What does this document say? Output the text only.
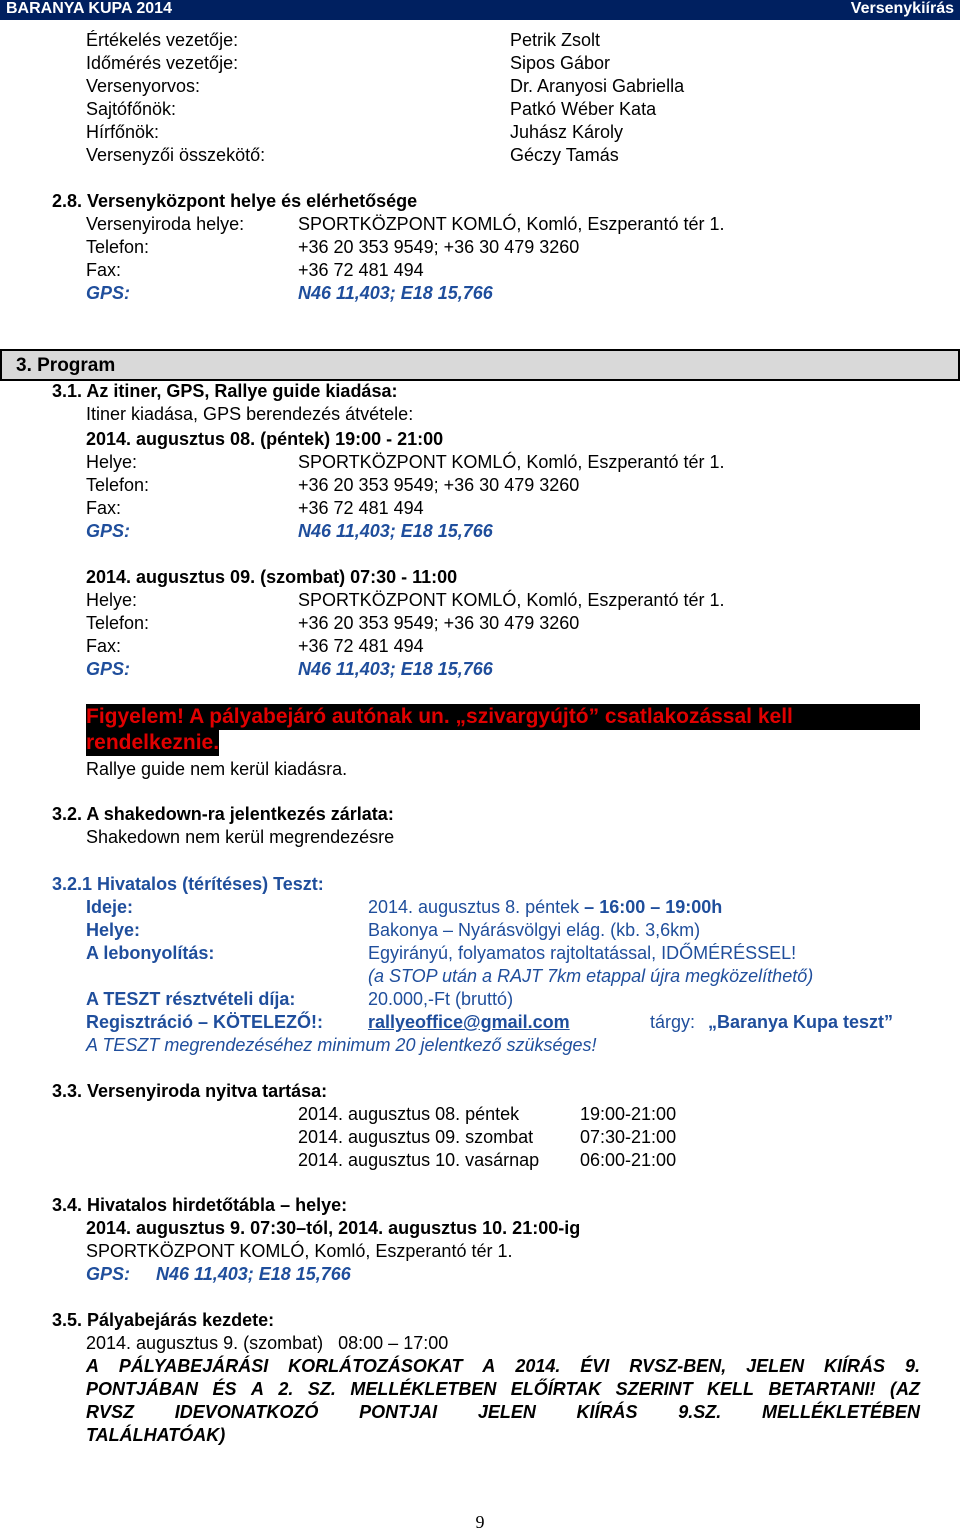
BARANYA KUPA 2014	Versenykiírás
Értékelés vezetője:	Petrik Zsolt
Időmérés vezetője:	Sipos Gábor
Versenyorvos:	Dr. Aranyosi Gabriella
Sajtófőnök:	Patkó Wéber Kata
Hírfőnök:	Juhász Károly
Versenyzői összekötő:	Géczy Tamás
2.8. Versenyközpont helye és elérhetősége
Versenyiroda helye:	SPORTKÖZPONT KOMLÓ, Komló, Eszperantó tér 1.
Telefon:	+36 20 353 9549; +36 30 479 3260
Fax:	+36 72 481 494
GPS:	N46 11,403; E18 15,766
3. Program
3.1. Az itiner, GPS, Rallye guide kiadása:
Itiner kiadása, GPS berendezés átvétele:
2014. augusztus 08. (péntek) 19:00 - 21:00
Helye:	SPORTKÖZPONT KOMLÓ, Komló, Eszperantó tér 1.
Telefon:	+36 20 353 9549; +36 30 479 3260
Fax:	+36 72 481 494
GPS:	N46 11,403; E18 15,766
2014. augusztus 09. (szombat) 07:30 - 11:00
Helye:	SPORTKÖZPONT KOMLÓ, Komló, Eszperantó tér 1.
Telefon:	+36 20 353 9549; +36 30 479 3260
Fax:	+36 72 481 494
GPS:	N46 11,403; E18 15,766
Figyelem! A pályabejáró autónak un. „szivargyújtó” csatlakozással kell
rendelkeznie.
Rallye guide nem kerül kiadásra.
3.2. A shakedown-ra jelentkezés zárlata:
Shakedown nem kerül megrendezésre
3.2.1 Hivatalos (térítéses) Teszt:
Ideje:	2014. augusztus 8. péntek – 16:00 – 19:00h
Helye:	Bakonya – Nyárásvölgyi elág. (kb. 3,6km)
A lebonyolítás:	Egyirányú, folyamatos rajtoltatással, IDŐMÉRÉSSEL!
(a STOP után a RAJT 7km etappal újra megközelíthető)
A TESZT résztvételi díja:	20.000,-Ft (bruttó)
Regisztráció – KÖTELEZŐ!: rallyeoffice@gmail.com	tárgy: „Baranya Kupa teszt”
A TESZT megrendezéséhez minimum 20 jelentkező szükséges!
3.3. Versenyiroda nyitva tartása:
2014. augusztus 08. péntek	19:00-21:00
2014. augusztus 09. szombat	07:30-21:00
2014. augusztus 10. vasárnap 06:00-21:00
3.4. Hivatalos hirdetőtábla – helye:
2014. augusztus 9. 07:30–tól, 2014. augusztus 10. 21:00-ig
SPORTKÖZPONT KOMLÓ, Komló, Eszperantó tér 1.
GPS: N46 11,403; E18 15,766
3.5. Pályabejárás kezdete:
2014. augusztus 9. (szombat)   08:00 – 17:00
A PÁLYABEJÁRÁSI KORLÁTOZÁSOKAT A 2014. ÉVI RVSZ-BEN, JELEN KIÍRÁS 9.
PONTJÁBAN ÉS A 2. SZ. MELLÉKLETBEN ELŐÍRTAK SZERINT KELL BETARTANI! (AZ
RVSZ IDEVONATKOZÓ PONTJAI JELEN KIÍRÁS 9.SZ. MELLÉKLETÉBEN
TALÁLHATÓAK)
9
